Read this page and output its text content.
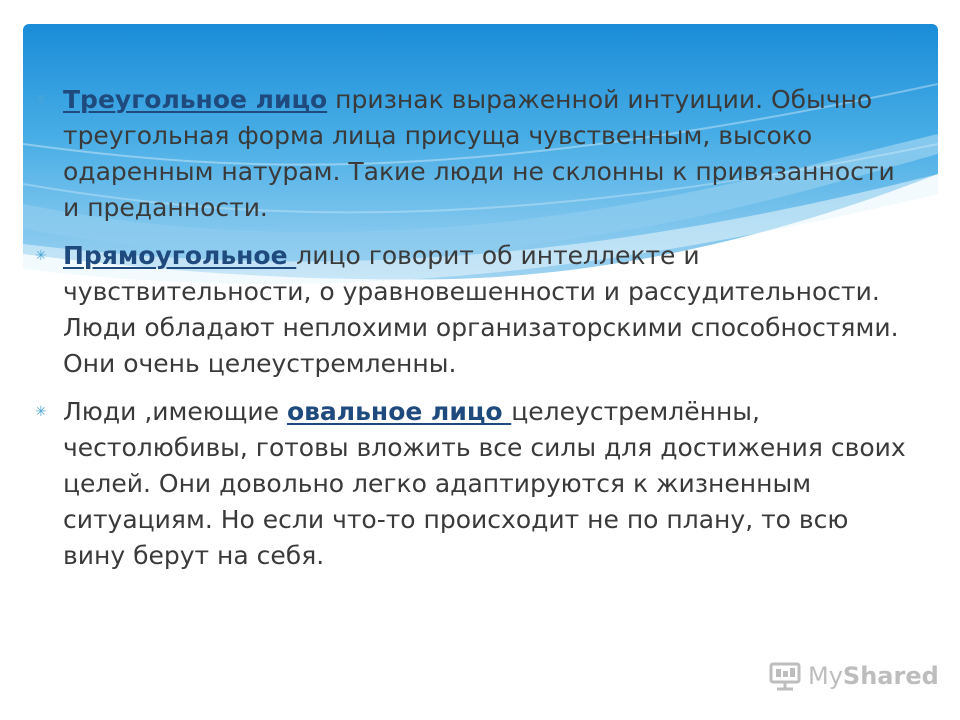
✳ Треугольное лицо признак выраженной интуиции. Обычно треугольная форма лица присуща чувственным, высоко одаренным натурам. Такие люди не склонны к привязанности и преданности.
✳ Прямоугольное лицо говорит об интеллекте и чувствительности, о уравновешенности и рассудительности. Люди обладают неплохими организаторскими способностями. Они очень целеустремленны.
✳ Люди ,имеющие овальное лицо целеустремлённы, честолюбивы, готовы вложить все силы для достижения своих целей. Они довольно легко адаптируются к жизненным ситуациям. Но если что-то происходит не по плану, то всю вину берут на себя.
MyShared
